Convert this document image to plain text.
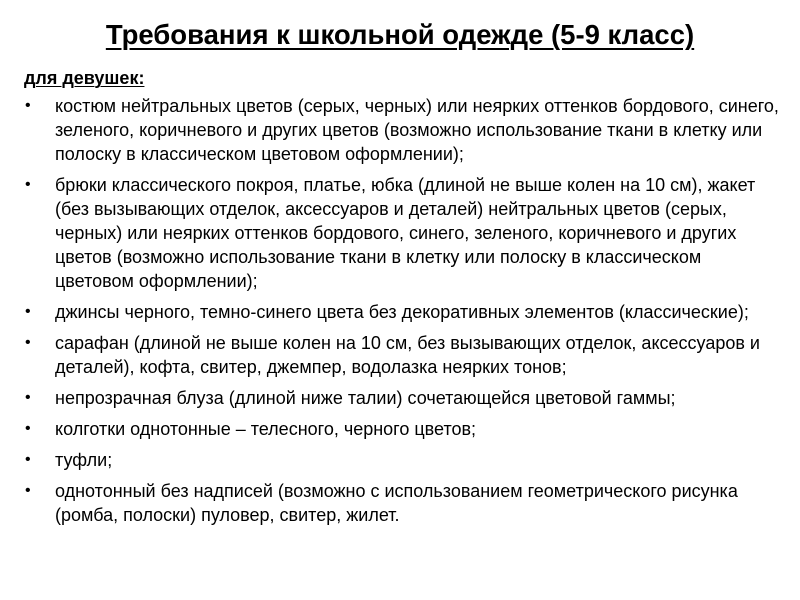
Требования к школьной одежде (5-9 класс)

для девушек:

• костюм нейтральных цветов (серых, черных) или неярких оттенков бордового, синего, зеленого, коричневого и других цветов (возможно использование ткани в клетку или полоску в классическом цветовом оформлении);
• брюки классического покроя, платье, юбка (длиной не выше колен на 10 см), жакет (без вызывающих отделок, аксессуаров и деталей) нейтральных цветов (серых, черных) или неярких оттенков бордового, синего, зеленого, коричневого и других цветов (возможно использование ткани в клетку или полоску в классическом цветовом оформлении);
• джинсы черного, темно-синего цвета без декоративных элементов (классические);
• сарафан (длиной не выше колен на 10 см, без вызывающих отделок, аксессуаров и деталей), кофта, свитер, джемпер, водолазка неярких тонов;
• непрозрачная блуза (длиной ниже талии) сочетающейся цветовой гаммы;
• колготки однотонные – телесного, черного цветов;
• туфли;
• однотонный без надписей (возможно с использованием геометрического рисунка (ромба, полоски) пуловер, свитер, жилет.
